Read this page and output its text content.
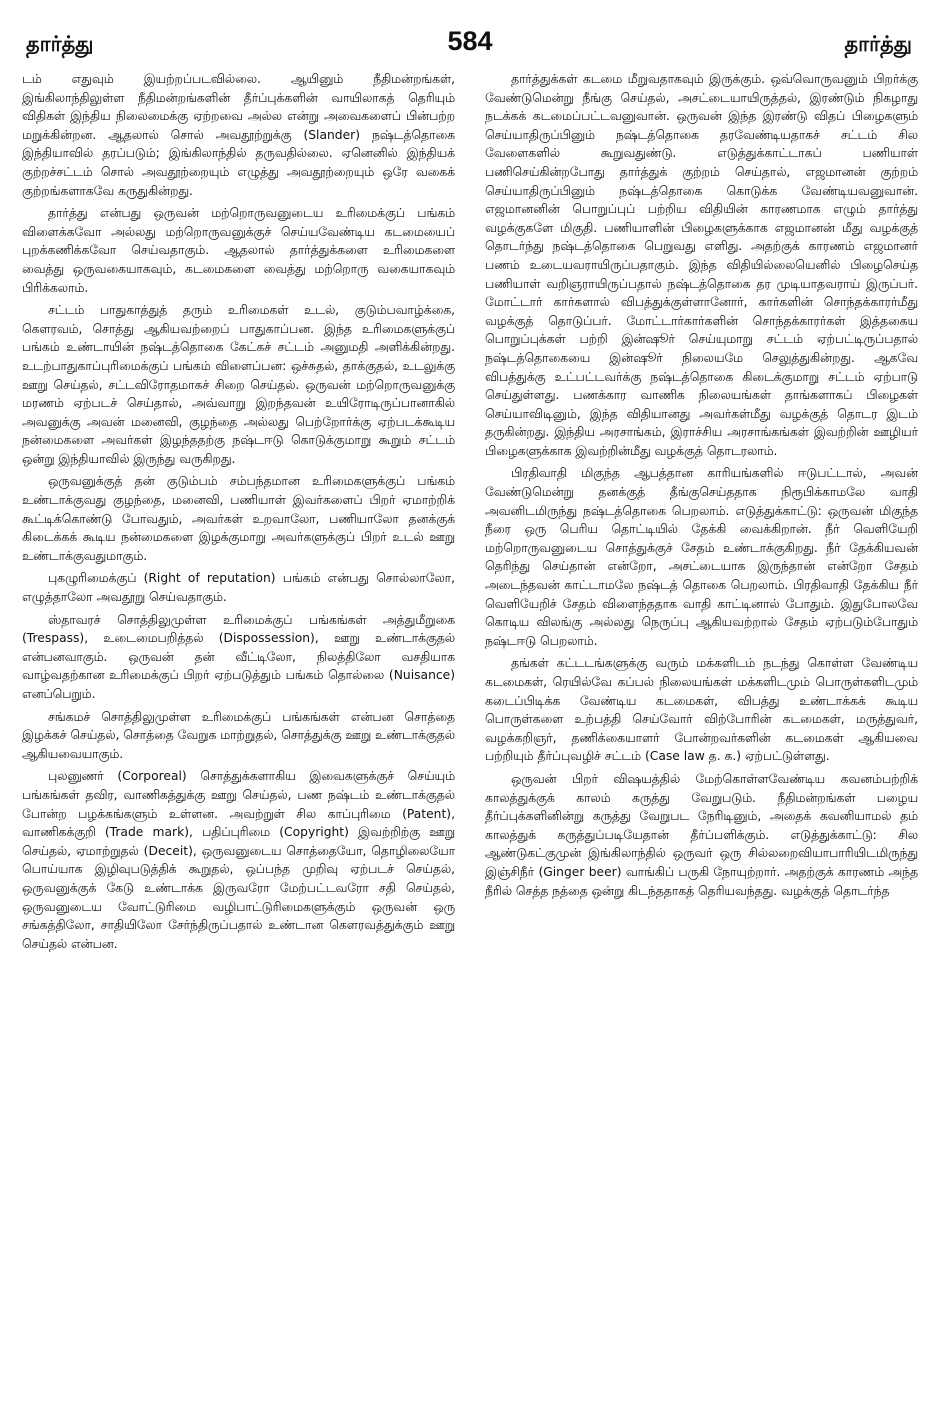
தார்த்து	584	தார்த்து

டம் எதுவும் இயற்றப்படவில்லை. ஆயினும் நீதிமன்றங்கள், இங்கிலாந்திலுள்ள நீதிமன்றங்களின் தீர்ப்புக்களின் வாயிலாகத் தெரியும் விதிகள் இந்திய நிலைமைக்கு ஏற்றவை அல்ல என்று அவைகளைப் பின்பற்ற மறுக்கின்றன. ஆதலால் சொல் அவதூற்றுக்கு (Slander) நஷ்டத்தொகை இந்தியாவில் தரப்படும்; இங்கிலாந்தில் தருவதில்லை. ஏனெனில் இந்தியக் குற்றச்சட்டம் சொல் அவதூற்றையும் எழுத்து அவதூற்றையும் ஒரே வகைக் குற்றங்களாகவே கருதுகின்றது.

தார்த்து என்பது ஒருவன் மற்றொருவனுடைய உரிமைக்குப் பங்கம் விளைக்கவோ அல்லது மற்றொருவனுக்குச் செய்யவேண்டிய கடமையைப் புறக்கணிக்கவோ செய்வதாகும். ஆதலால் தார்த்துக்களை உரிமைகளை வைத்து ஒருவகையாகவும், கடமைகளை வைத்து மற்றொரு வகையாகவும் பிரிக்கலாம்.

சட்டம் பாதுகாத்துத் தரும் உரிமைகள் உடல், குடும்பவாழ்க்கை, கௌரவம், சொத்து ஆகியவற்றைப் பாதுகாப்பன. இந்த உரிமைகளுக்குப் பங்கம் உண்டாயின் நஷ்டத்தொகை கேட்கச் சட்டம் அனுமதி அளிக்கின்றது. உடற்பாதுகாப்புரிமைக்குப் பங்கம் விளைப்பன: ஒச்சுதல், தாக்குதல், உடலுக்கு ஊறு செய்தல், சட்டவிரோதமாகச் சிறை செய்தல். ஒருவன் மற்றொருவனுக்கு மரணம் ஏற்படச் செய்தால், அவ்வாறு இறந்தவன் உயிரோடிருப்பானாகில் அவனுக்கு அவன் மனைவி, குழந்தை அல்லது பெற்றோர்க்கு ஏற்படக்கூடிய நன்மைகளை அவர்கள் இழந்ததற்கு நஷ்டஈடு கொடுக்குமாறு கூறும் சட்டம் ஒன்று இந்தியாவில் இருந்து வருகிறது.

ஒருவனுக்குத் தன் குடும்பம் சம்பந்தமான உரிமைகளுக்குப் பங்கம் உண்டாக்குவது குழந்தை, மனைவி, பணியாள் இவர்களைப் பிறர் ஏமாற்றிக் கூட்டிக்கொண்டு போவதும், அவர்கள் உறவாலோ, பணியாலோ தனக்குக் கிடைக்கக் கூடிய நன்மைகளை இழக்குமாறு அவர்களுக்குப் பிறர் உடல் ஊறு உண்டாக்குவதுமாகும்.

புகழுரிமைக்குப் (Right of reputation) பங்கம் என்பது சொல்லாலோ, எழுத்தாலோ அவதூறு செய்வதாகும்.

ஸ்தாவரச் சொத்திலுமுள்ள உரிமைக்குப் பங்கங்கள் அத்துமீறுகை (Trespass), உடைமைபறித்தல் (Dispossession), ஊறு உண்டாக்குதல் என்பனவாகும். ஒருவன் தன் வீட்டிலோ, நிலத்திலோ வசதியாக வாழ்வதற்கான உரிமைக்குப் பிறர் ஏற்படுத்தும் பங்கம் தொல்லை (Nuisance) எனப்பெறும்.

சங்கமச் சொத்திலுமுள்ள உரிமைக்குப் பங்கங்கள் என்பன சொத்தை இழக்கச் செய்தல், சொத்தை வேறுக மாற்றுதல், சொத்துக்கு ஊறு உண்டாக்குதல் ஆகியவையாகும்.

புலனுணர் (Corporeal) சொத்துக்களாகிய இவைகளுக்குச் செய்யும் பங்கங்கள் தவிர, வாணிகத்துக்கு ஊறு செய்தல், பண நஷ்டம் உண்டாக்குதல் போன்ற பழக்கங்களும் உள்ளன. அவற்றுள் சில காப்புரிமை (Patent), வாணிகக்குறி (Trade mark), பதிப்புரிமை (Copyright) இவற்றிற்கு ஊறு செய்தல், ஏமாற்றுதல் (Deceit), ஒருவனுடைய சொத்தையோ, தொழிலையோ பொய்யாக இழிவுபடுத்திக் கூறுதல், ஒப்பந்த முறிவு ஏற்படச் செய்தல், ஒருவனுக்குக் கேடு உண்டாக்க இருவரோ மேற்பட்டவரோ சதி செய்தல், ஒருவனுடைய வோட்டுரிமை வழிபாட்டுரிமைகளுக்கும் ஒருவன் ஒரு சங்கத்திலோ, சாதியிலோ சேர்ந்திருப்பதால் உண்டான கௌரவத்துக்கும் ஊறு செய்தல் என்பன.

தார்த்துக்கள் கடமை மீறுவதாகவும் இருக்கும். ஒவ்வொருவனும் பிறர்க்கு வேண்டுமென்று நீங்கு செய்தல், அசட்டையாயிருத்தல், இரண்டும் நிகழாது நடக்கக் கடமைப்பட்டவனுவான். ஒருவன் இந்த இரண்டு விதப் பிழைகளும் செய்யாதிருப்பினும் நஷ்டத்தொகை தரவேண்டியதாகச் சட்டம் சில வேளைகளில் கூறுவதுண்டு. எடுத்துக்காட்டாகப் பணியாள் பணிசெய்கின்றபோது தார்த்துக் குற்றம் செய்தால், எஜமானன் குற்றம் செய்யாதிருப்பினும் நஷ்டத்தொகை கொடுக்க வேண்டியவனுவான். எஜமானனின் பொறுப்புப் பற்றிய விதியின் காரணமாக எழும் தார்த்து வழக்குகளே மிகுதி. பணியாளின் பிழைகளுக்காக எஜமானன் மீது வழக்குத் தொடர்ந்து நஷ்டத்தொகை பெறுவது எளிது. அதற்குக் காரணம் எஜமானர் பணம் உடையவராயிருப்பதாகும். இந்த விதியில்லையெனில் பிழைசெய்த பணியாள் வறிஞராயிருப்பதால் நஷ்டத்தொகை தர முடியாதவராய் இருப்பர். மோட்டார் கார்களால் விபத்துக்குள்ளானோர், கார்களின் சொந்தக்காரர்மீது வழக்குத் தொடுப்பர். மோட்டார்கார்களின் சொந்தக்காரர்கள் இத்தகைய பொறுப்புக்கள் பற்றி இன்ஷூர் செய்யுமாறு சட்டம் ஏற்பட்டிருப்பதால் நஷ்டத்தொகையை இன்ஷூர் நிலையமே செலுத்துகின்றது. ஆகவே விபத்துக்கு உட்பட்டவர்க்கு நஷ்டத்தொகை கிடைக்குமாறு சட்டம் ஏற்பாடு செய்துள்ளது. பணக்கார வாணிக நிலையங்கள் தாங்களாகப் பிழைகள் செய்யாவிடினும், இந்த விதியானது அவர்கள்மீது வழக்குத் தொடர இடம் தருகின்றது. இந்திய அரசாங்கம், இராச்சிய அரசாங்கங்கள் இவற்றின் ஊழியர் பிழைகளுக்காக இவற்றின்மீது வழக்குத் தொடரலாம்.

பிரதிவாதி மிகுந்த ஆபத்தான காரியங்களில் ஈடுபட்டால், அவன் வேண்டுமென்று தனக்குத் தீங்குசெய்ததாக நிரூபிக்காமலே வாதி அவனிடமிருந்து நஷ்டத்தொகை பெறலாம். எடுத்துக்காட்டு: ஒருவன் மிகுந்த நீரை ஒரு பெரிய தொட்டியில் தேக்கி வைக்கிறான். நீர் வெளியேறி மற்றொருவனுடைய சொத்துக்குச் சேதம் உண்டாக்குகிறது. நீர் தேக்கியவன் தெரிந்து செய்தான் என்றோ, அசட்டையாக இருந்தான் என்றோ சேதம் அடைந்தவன் காட்டாமலே நஷ்டத் தொகை பெறலாம். பிரதிவாதி தேக்கிய நீர் வெளியேறிச் சேதம் விளைந்ததாக வாதி காட்டினால் போதும். இதுபோலவே கொடிய விலங்கு அல்லது நெருப்பு ஆகியவற்றால் சேதம் ஏற்படும்போதும் நஷ்டஈடு பெறலாம்.

தங்கள் கட்டடங்களுக்கு வரும் மக்களிடம் நடந்து கொள்ள வேண்டிய கடமைகள், ரெயில்வே கப்பல் நிலையங்கள் மக்களிடமும் பொருள்களிடமும் கடைப்பிடிக்க வேண்டிய கடமைகள், விபத்து உண்டாக்கக் கூடிய பொருள்களை உற்பத்தி செய்வோர் விற்போரின் கடமைகள், மருத்துவர், வழக்கறிஞர், தணிக்கையாளர் போன்றவர்களின் கடமைகள் ஆகியவை பற்றியும் தீர்ப்புவழிச் சட்டம் (Case law த. க.) ஏற்பட்டுள்ளது.

ஒருவன் பிறர் விஷயத்தில் மேற்கொள்ளவேண்டிய கவனம்பற்றிக் காலத்துக்குக் காலம் கருத்து வேறுபடும். நீதிமன்றங்கள் பழைய தீர்ப்புக்களினின்று கருத்து வேறுபட நேரிடினும், அதைக் கவனியாமல் தம் காலத்துக் கருத்துப்படியேதான் தீர்ப்பளிக்கும். எடுத்துக்காட்டு: சில ஆண்டுகட்குமுன் இங்கிலாந்தில் ஒருவர் ஒரு சில்லறைவியாபாரியிடமிருந்து இஞ்சிநீர் (Ginger beer) வாங்கிப் பருகி நோயுற்றார். அதற்குக் காரணம் அந்த நீரில் செத்த நத்தை ஒன்று கிடந்ததாகத் தெரியவந்தது. வழக்குத் தொடர்ந்த
